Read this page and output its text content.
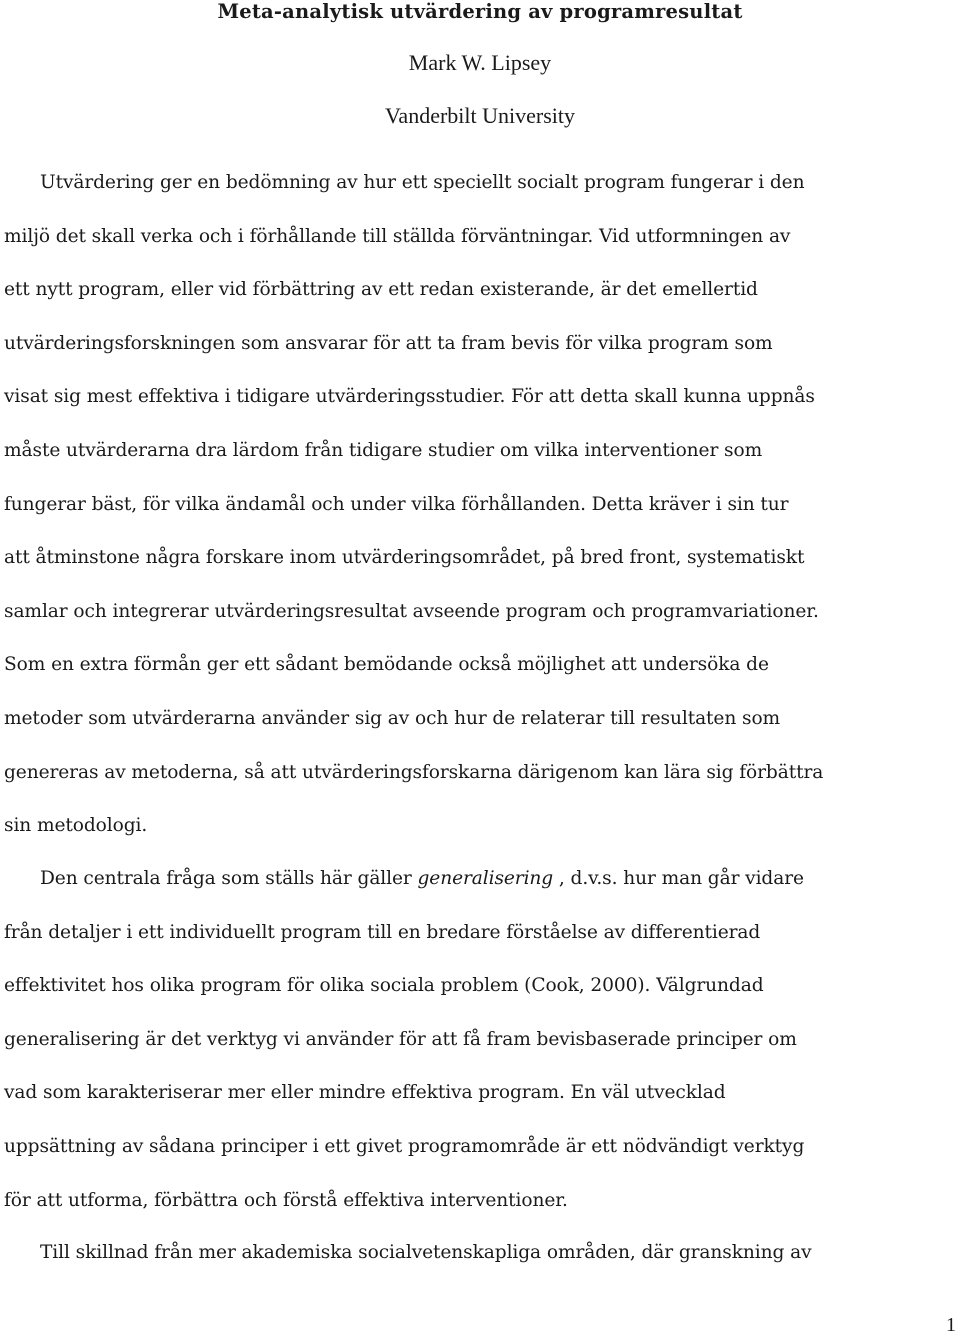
Meta-analytisk utvärdering av programresultat
Mark W. Lipsey
Vanderbilt University
Utvärdering ger en bedömning av hur ett speciellt socialt program fungerar i den
miljö det skall verka och i förhållande till ställda förväntningar. Vid utformningen av
ett nytt program, eller vid förbättring av ett redan existerande, är det emellertid
utvärderingsforskningen som ansvarar för att ta fram bevis för vilka program som
visat sig mest effektiva i tidigare utvärderingsstudier. För att detta skall kunna uppnås
måste utvärderarna dra lärdom från tidigare studier om vilka interventioner som
fungerar bäst, för vilka ändamål och under vilka förhållanden. Detta kräver i sin tur
att åtminstone några forskare inom utvärderingsområdet, på bred front, systematiskt
samlar och integrerar utvärderingsresultat avseende program och programvariationer.
Som en extra förmån ger ett sådant bemödande också möjlighet att undersöka de
metoder som utvärderarna använder sig av och hur de relaterar till resultaten som
genereras av metoderna, så att utvärderingsforskarna därigenom kan lära sig förbättra
sin metodologi.
Den centrala fråga som ställs här gäller generalisering , d.v.s. hur man går vidare
från detaljer i ett individuellt program till en bredare förståelse av differentierad
effektivitet hos olika program för olika sociala problem (Cook, 2000). Välgrundad
generalisering är det verktyg vi använder för att få fram bevisbaserade principer om
vad som karakteriserar mer eller mindre effektiva program. En väl utvecklad
uppsättning av sådana principer i ett givet programområde är ett nödvändigt verktyg
för att utforma, förbättra och förstå effektiva interventioner.
Till skillnad från mer akademiska socialvetenskapliga områden, där granskning av
1
